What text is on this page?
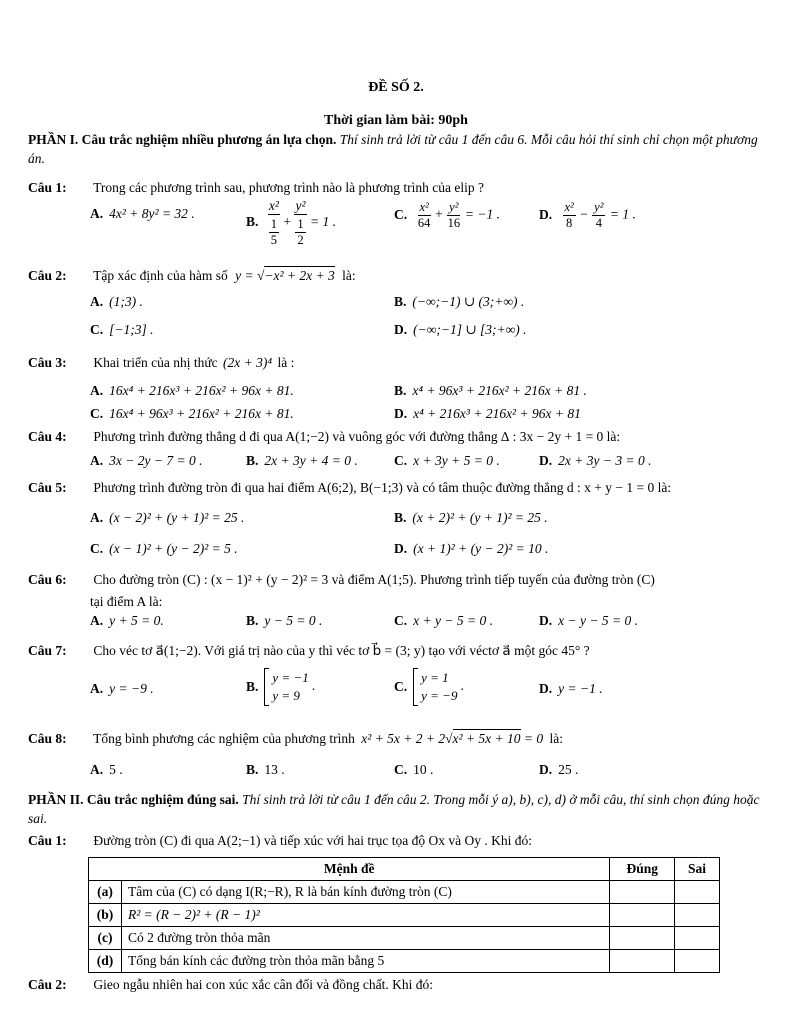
ĐỀ SỐ 2.
Thời gian làm bài: 90ph
PHẦN I. Câu trắc nghiệm nhiều phương án lựa chọn. Thí sinh trả lời từ câu 1 đến câu 6. Mỗi câu hỏi thí sinh chỉ chọn một phương án.
Câu 1: Trong các phương trình sau, phương trình nào là phương trình của elip ?
A. 4x² + 8y² = 32 .
B. x²
1
5 + y²
1
2 = 1 .	C. $\frac{\text{x²}}{64} + \frac{\text{y²}}{16} = -1$ .	D. $\frac{\text{x²}}{8} - \frac{\text{y²}}{4} = 1$ .
Câu 2: Tập xác định của hàm số y = √−x² + 2x + 3 là:
A. (1;3) .	B. (−∞;−1) ∪ (3;+∞) .
C. [−1;3] .	D. (−∞;−1] ∪ [3;+∞) .
Câu 3: Khai triển của nhị thức (2x + 3)⁴ là :
A. 16x⁴ + 216x³ + 216x² + 96x + 81.	B. x⁴ + 96x³ + 216x² + 216x + 81 .
C. 16x⁴ + 96x³ + 216x² + 216x + 81.	D. x⁴ + 216x³ + 216x² + 96x + 81
Câu 4: Phương trình đường thẳng d đi qua A(1;−2) và vuông góc với đường thẳng ∆ : 3x − 2y + 1 = 0 là:
A. 3x − 2y − 7 = 0 .	B. 2x + 3y + 4 = 0 .	C. x + 3y + 5 = 0 .	D. 2x + 3y − 3 = 0 .
Câu 5: Phương trình đường tròn đi qua hai điểm A(6;2), B(−1;3) và có tâm thuộc đường thẳng d : x + y − 1 = 0 là:
A. (x − 2)² + (y + 1)² = 25 .	B. (x + 2)² + (y + 1)² = 25 .
C. (x − 1)² + (y − 2)² = 5 .	D. (x + 1)² + (y − 2)² = 10 .
Câu 6: Cho đường tròn (C) : (x − 1)² + (y − 2)² = 3 và điểm A(1;5). Phương trình tiếp tuyến của đường tròn (C)
tại điểm A là:
A. y + 5 = 0.	B. y − 5 = 0 .	C. x + y − 5 = 0 .	D. x − y − 5 = 0 .
Câu 7: Cho véc tơ a⃗(1;−2). Với giá trị nào của y thì véc tơ b⃗ = (3; y) tạo với véctơ a⃗ một góc 45° ?
A. y = −9 .	B.
y = −1
y = 9
.	C.
y = 1
y = −9
.	D. y = −1 .
Câu 8: Tổng bình phương các nghiệm của phương trình x² + 5x + 2 + 2√x² + 5x + 10 = 0 là:
A. 5 .	B. 13 .	C. 10 .	D. 25 .
PHẦN II. Câu trắc nghiệm đúng sai. Thí sinh trả lời từ câu 1 đến câu 2. Trong mỗi ý a), b), c), d) ở mỗi câu, thí sinh chọn đúng hoặc sai.
Câu 1: Đường tròn (C) đi qua A(2;−1) và tiếp xúc với hai trục tọa độ Ox và Oy . Khi đó:
Mệnh đề		Đúng	Sai
(a)	Tâm của (C) có dạng I(R;−R), R là bán kính đường tròn (C)		
(b)	R² = (R − 2)² + (R − 1)²		
(c)	Có 2 đường tròn thỏa mãn		
(d)	Tổng bán kính các đường tròn thỏa mãn bằng 5		
Câu 2: Gieo ngẫu nhiên hai con xúc xắc cân đối và đồng chất. Khi đó:
